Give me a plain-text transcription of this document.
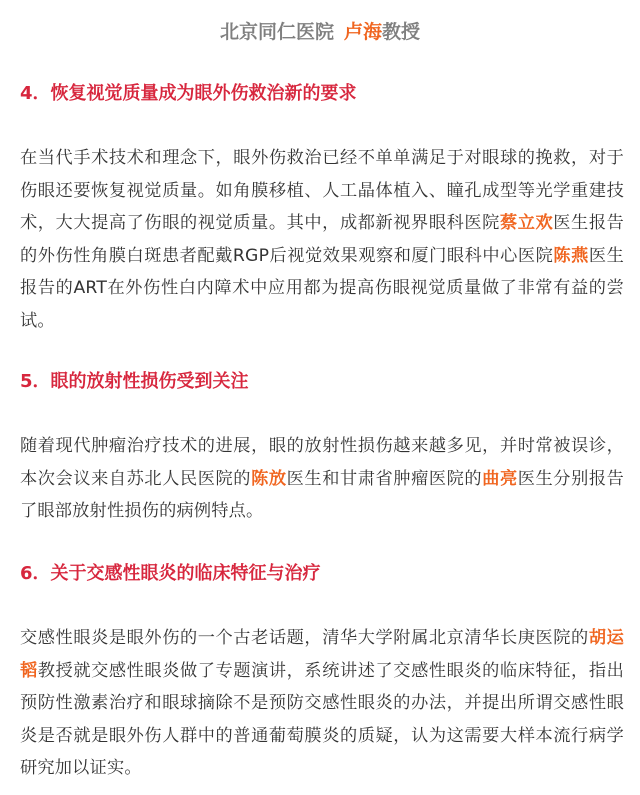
北京同仁医院 卢海教授
4．恢复视觉质量成为眼外伤救治新的要求

在当代手术技术和理念下，眼外伤救治已经不单单满足于对眼球的挽救，对于伤眼还要恢复视觉质量。如角膜移植、人工晶体植入、瞳孔成型等光学重建技术，大大提高了伤眼的视觉质量。其中，成都新视界眼科医院蔡立欢医生报告的外伤性角膜白斑患者配戴RGP后视觉效果观察和厦门眼科中心医院陈燕医生报告的ART在外伤性白内障术中应用都为提高伤眼视觉质量做了非常有益的尝试。

5．眼的放射性损伤受到关注

随着现代肿瘤治疗技术的进展，眼的放射性损伤越来越多见，并时常被误诊，本次会议来自苏北人民医院的陈放医生和甘肃省肿瘤医院的曲亮医生分别报告了眼部放射性损伤的病例特点。

6．关于交感性眼炎的临床特征与治疗

交感性眼炎是眼外伤的一个古老话题，清华大学附属北京清华长庚医院的胡运韬教授就交感性眼炎做了专题演讲，系统讲述了交感性眼炎的临床特征，指出预防性激素治疗和眼球摘除不是预防交感性眼炎的办法，并提出所谓交感性眼炎是否就是眼外伤人群中的普通葡萄膜炎的质疑，认为这需要大样本流行病学研究加以证实。
